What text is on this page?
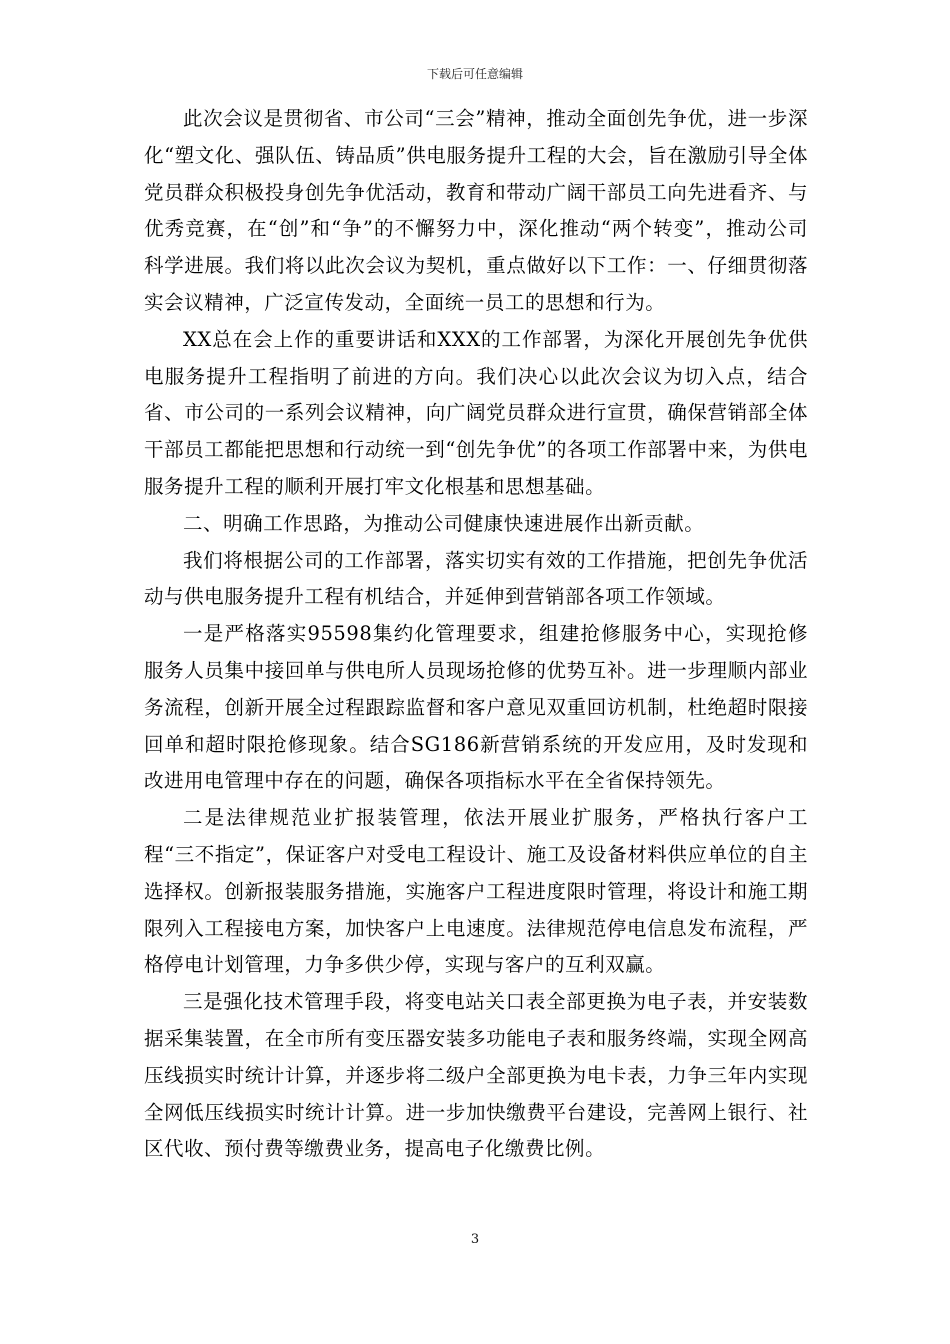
下载后可任意编辑

此次会议是贯彻省、市公司“三会”精神，推动全面创先争优，进一步深化“塑文化、强队伍、铸品质”供电服务提升工程的大会，旨在激励引导全体党员群众积极投身创先争优活动，教育和带动广阔干部员工向先进看齐、与优秀竞赛，在“创”和“争”的不懈努力中，深化推动“两个转变”，推动公司科学进展。我们将以此次会议为契机，重点做好以下工作：一、仔细贯彻落实会议精神，广泛宣传发动，全面统一员工的思想和行为。

XX总在会上作的重要讲话和XXX的工作部署，为深化开展创先争优供电服务提升工程指明了前进的方向。我们决心以此次会议为切入点，结合省、市公司的一系列会议精神，向广阔党员群众进行宣贯，确保营销部全体干部员工都能把思想和行动统一到“创先争优”的各项工作部署中来，为供电服务提升工程的顺利开展打牢文化根基和思想基础。

二、明确工作思路，为推动公司健康快速进展作出新贡献。

我们将根据公司的工作部署，落实切实有效的工作措施，把创先争优活动与供电服务提升工程有机结合，并延伸到营销部各项工作领域。

一是严格落实95598集约化管理要求，组建抢修服务中心，实现抢修服务人员集中接回单与供电所人员现场抢修的优势互补。进一步理顺内部业务流程，创新开展全过程跟踪监督和客户意见双重回访机制，杜绝超时限接回单和超时限抢修现象。结合SG186新营销系统的开发应用，及时发现和改进用电管理中存在的问题，确保各项指标水平在全省保持领先。

二是法律规范业扩报装管理，依法开展业扩服务，严格执行客户工程“三不指定”，保证客户对受电工程设计、施工及设备材料供应单位的自主选择权。创新报装服务措施，实施客户工程进度限时管理，将设计和施工期限列入工程接电方案，加快客户上电速度。法律规范停电信息发布流程，严格停电计划管理，力争多供少停，实现与客户的互利双赢。

三是强化技术管理手段，将变电站关口表全部更换为电子表，并安装数据采集装置，在全市所有变压器安装多功能电子表和服务终端，实现全网高压线损实时统计计算，并逐步将二级户全部更换为电卡表，力争三年内实现全网低压线损实时统计计算。进一步加快缴费平台建设，完善网上银行、社区代收、预付费等缴费业务，提高电子化缴费比例。

3
